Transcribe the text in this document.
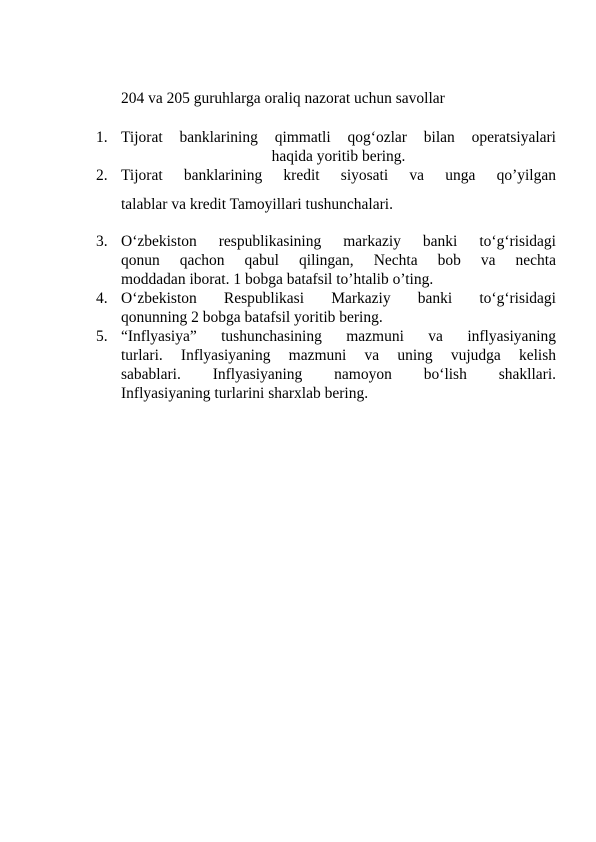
204 va 205 guruhlarga oraliq nazorat uchun savollar
1. Tijorat banklarining qimmatli qog‘ozlar bilan operatsiyalari
haqida yoritib bering.
2. Tijorat banklarining kredit siyosati va unga qo’yilgan
talablar va kredit Tamoyillari tushunchalari.
3. O‘zbekiston respublikasining markaziy banki to‘g‘risidagi
qonun qachon qabul qilingan, Nechta bob va nechta
moddadan iborat. 1 bobga batafsil to’htalib o’ting.
4. O‘zbekiston Respublikasi Markaziy banki to‘g‘risidagi
qonunning 2 bobga batafsil yoritib bering.
5. “Inflyasiya” tushunchasining mazmuni va inflyasiyaning
turlari. Inflyasiyaning mazmuni va uning vujudga kelish
sabablari. Inflyasiyaning namoyon bo‘lish shakllari.
Inflyasiyaning turlarini sharxlab bering.
